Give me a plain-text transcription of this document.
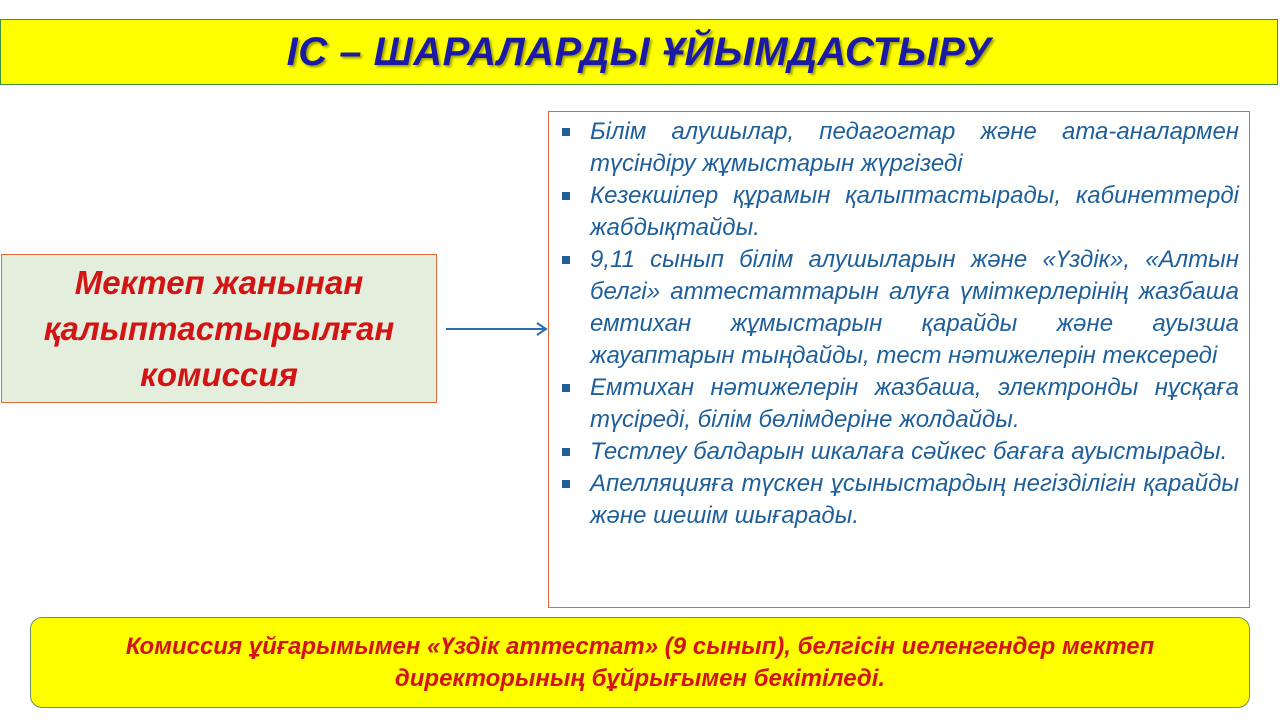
ІС – ШАРАЛАРДЫ ҰЙЫМДАСТЫРУ
Мектеп жанынан
қалыптастырылған
комиссия
Білім алушылар, педагогтар және ата-аналармен түсіндіру жұмыстарын жүргізеді
Кезекшілер құрамын қалыптастырады, кабинеттерді жабдықтайды.
9,11 сынып білім алушыларын және «Үздік», «Алтын белгі» аттестаттарын алуға үміткерлерінің жазбаша емтихан жұмыстарын қарайды және ауызша жауаптарын тыңдайды, тест нәтижелерін тексереді
Емтихан нәтижелерін жазбаша, электронды нұсқаға түсіреді, білім бөлімдеріне жолдайды.
Тестлеу балдарын шкалаға сәйкес бағаға ауыстырады.
Апелляцияға түскен ұсыныстардың негізділігін қарайды және шешім шығарады.
Комиссия ұйғарымымен «Үздік аттестат» (9 сынып), белгісін иеленгендер мектеп директорының бұйрығымен бекітіледі.
